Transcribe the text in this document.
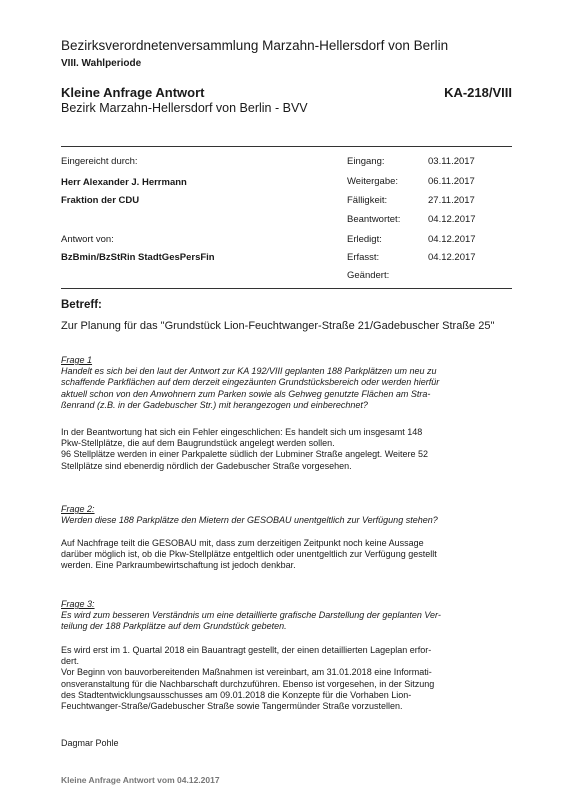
Bezirksverordnetenversammlung Marzahn-Hellersdorf von Berlin
VIII. Wahlperiode
Kleine Anfrage Antwort	KA-218/VIII
Bezirk Marzahn-Hellersdorf von Berlin - BVV
Eingereicht durch:
Herr Alexander J. Herrmann
Fraktion der CDU
Antwort von:
BzBmin/BzStRin StadtGesPersFin
Eingang:	03.11.2017
Weitergabe:	06.11.2017
Fälligkeit:	27.11.2017
Beantwortet:	04.12.2017
Erledigt:	04.12.2017
Erfasst:	04.12.2017
Geändert:
Betreff:
Zur Planung für das "Grundstück Lion-Feuchtwanger-Straße 21/Gadebuscher Straße 25"
Frage 1
Handelt es sich bei den laut der Antwort zur KA 192/VIII geplanten 188 Parkplätzen um neu zu
schaffende Parkflächen auf dem derzeit eingezäunten Grundstücksbereich oder werden hierfür
aktuell schon von den Anwohnern zum Parken sowie als Gehweg genutzte Flächen am Stra-
ßenrand (z.B. in der Gadebuscher Str.) mit herangezogen und einberechnet?
In der Beantwortung hat sich ein Fehler eingeschlichen: Es handelt sich um insgesamt 148
Pkw-Stellplätze, die auf dem Baugrundstück angelegt werden sollen.
96 Stellplätze werden in einer Parkpalette südlich der Lubminer Straße angelegt. Weitere 52
Stellplätze sind ebenerdig nördlich der Gadebuscher Straße vorgesehen.
Frage 2:
Werden diese 188 Parkplätze den Mietern der GESOBAU unentgeltlich zur Verfügung stehen?
Auf Nachfrage teilt die GESOBAU mit, dass zum derzeitigen Zeitpunkt noch keine Aussage
darüber möglich ist, ob die Pkw-Stellplätze entgeltlich oder unentgeltlich zur Verfügung gestellt
werden. Eine Parkraumbewirtschaftung ist jedoch denkbar.
Frage 3:
Es wird zum besseren Verständnis um eine detaillierte grafische Darstellung der geplanten Ver-
teilung der 188 Parkplätze auf dem Grundstück gebeten.
Es wird erst im 1. Quartal 2018 ein Bauantragt gestellt, der einen detaillierten Lageplan erfor-
dert.
Vor Beginn von bauvorbereitenden Maßnahmen ist vereinbart, am 31.01.2018 eine Informati-
onsveranstaltung für die Nachbarschaft durchzuführen. Ebenso ist vorgesehen, in der Sitzung
des Stadtentwicklungsausschusses am 09.01.2018 die Konzepte für die Vorhaben Lion-
Feuchtwanger-Straße/Gadebuscher Straße sowie Tangermünder Straße vorzustellen.
Dagmar Pohle
Kleine Anfrage Antwort vom 04.12.2017
